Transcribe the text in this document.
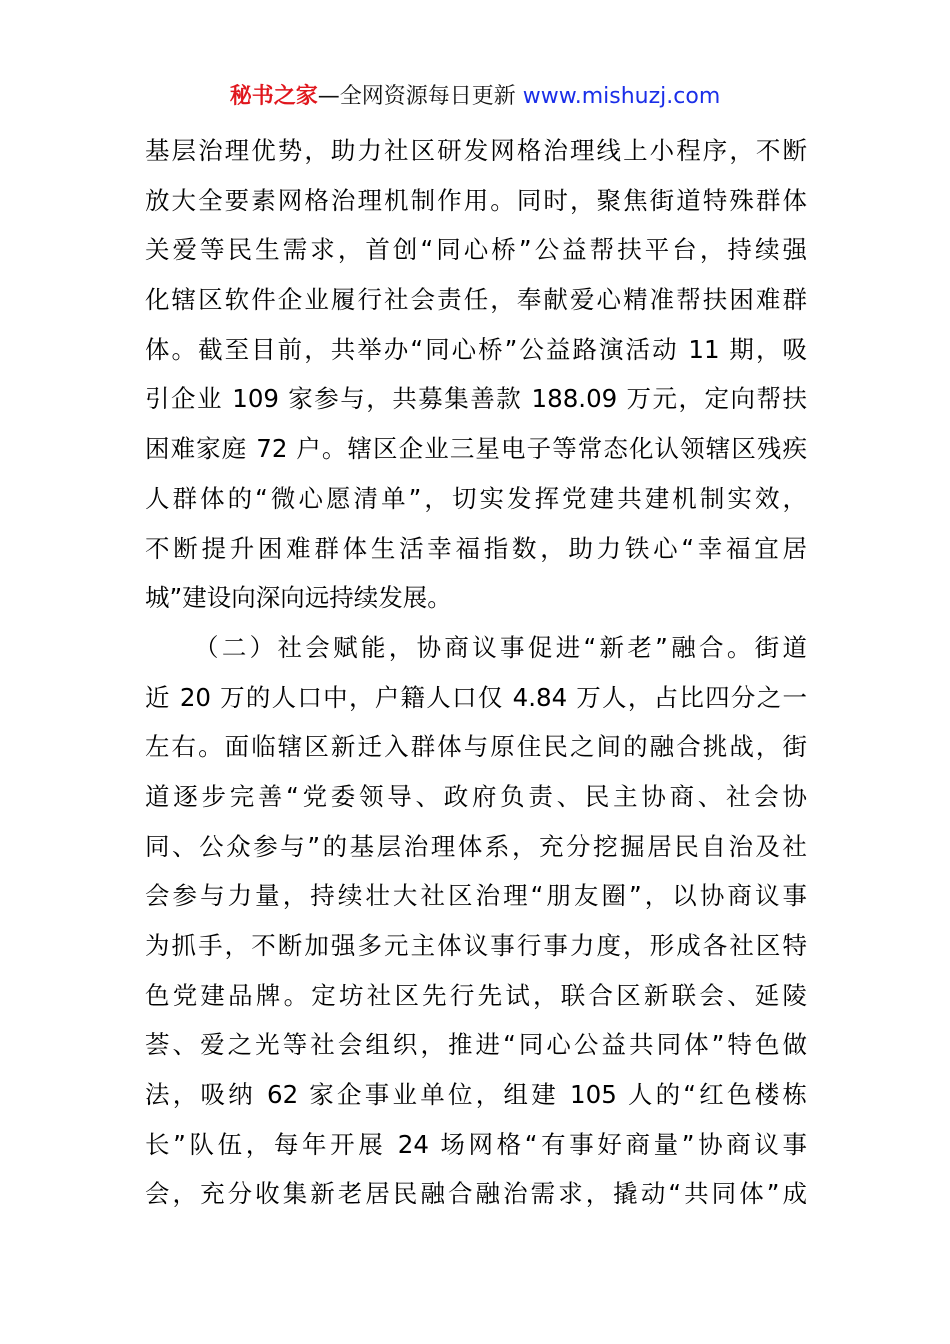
秘书之家—全网资源每日更新 www.mishuzj.com
基层治理优势，助力社区研发网格治理线上小程序，不断
放大全要素网格治理机制作用。同时，聚焦街道特殊群体
关爱等民生需求，首创“同心桥”公益帮扶平台，持续强
化辖区软件企业履行社会责任，奉献爱心精准帮扶困难群
体。截至目前，共举办“同心桥”公益路演活动 11 期，吸
引企业 109 家参与，共募集善款 188.09 万元，定向帮扶
困难家庭 72 户。辖区企业三星电子等常态化认领辖区残疾
人群体的“微心愿清单”，切实发挥党建共建机制实效，
不断提升困难群体生活幸福指数，助力铁心“幸福宜居
城”建设向深向远持续发展。
（二）社会赋能，协商议事促进“新老”融合。街道
近 20 万的人口中，户籍人口仅 4.84 万人，占比四分之一
左右。面临辖区新迁入群体与原住民之间的融合挑战，街
道逐步完善“党委领导、政府负责、民主协商、社会协
同、公众参与”的基层治理体系，充分挖掘居民自治及社
会参与力量，持续壮大社区治理“朋友圈”，以协商议事
为抓手，不断加强多元主体议事行事力度，形成各社区特
色党建品牌。定坊社区先行先试，联合区新联会、延陵
荟、爱之光等社会组织，推进“同心公益共同体”特色做
法，吸纳 62 家企事业单位，组建 105 人的“红色楼栋
长”队伍，每年开展 24 场网格“有事好商量”协商议事
会，充分收集新老居民融合融治需求，撬动“共同体”成
